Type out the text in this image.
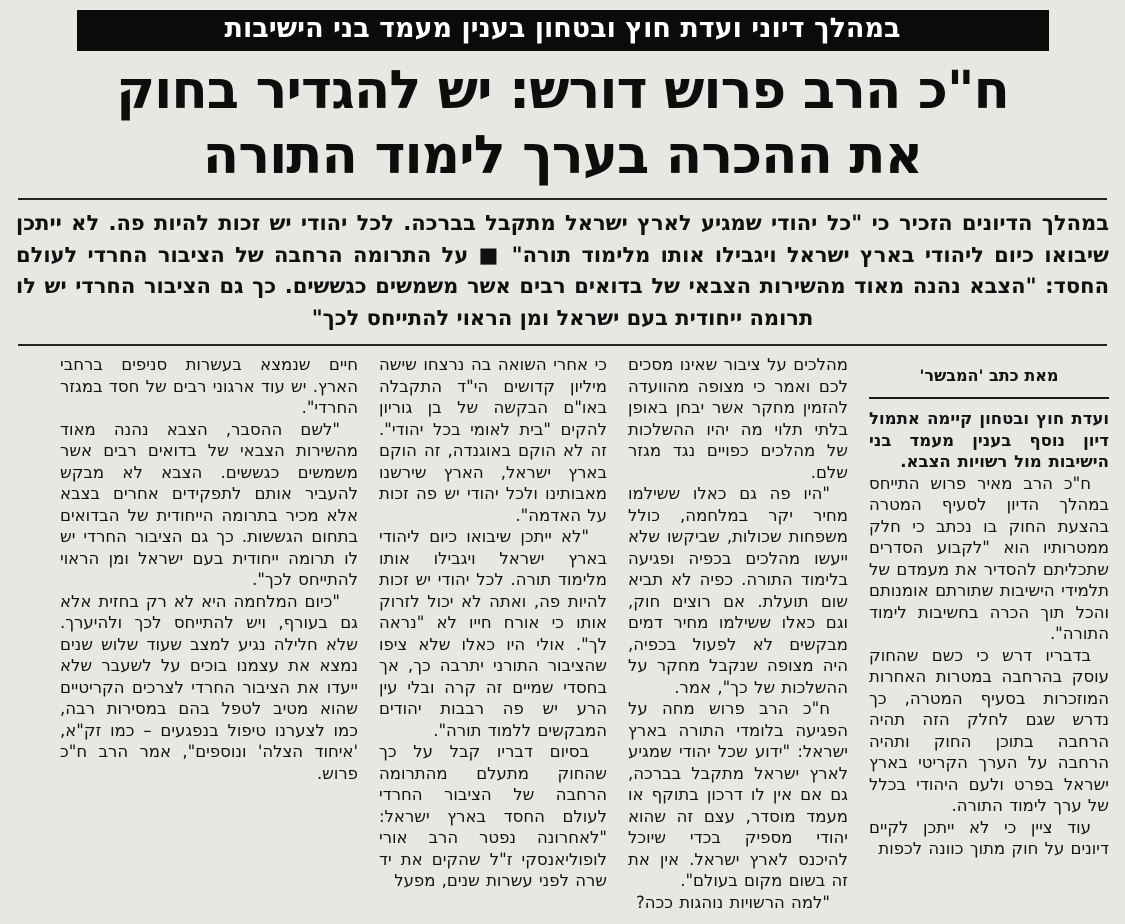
במהלך דיוני ועדת חוץ ובטחון בענין מעמד בני הישיבות
ח"כ הרב פרוש דורש: יש להגדיר בחוק
את ההכרה בערך לימוד התורה
במהלך הדיונים הזכיר כי "כל יהודי שמגיע לארץ ישראל מתקבל בברכה. לכל יהודי יש זכות להיות פה. לא ייתכן שיבואו כיום ליהודי בארץ ישראל ויגבילו אותו מלימוד תורה" ■ על התרומה הרחבה של הציבור החרדי לעולם החסד: "הצבא נהנה מאוד מהשירות הצבאי של בדואים רבים אשר משמשים כגששים. כך גם הציבור החרדי יש לו תרומה ייחודית בעם ישראל ומן הראוי להתייחס לכך"
מאת כתב 'המבשר'

ועדת חוץ ובטחון קיימה אתמול דיון נוסף בענין מעמד בני הישיבות מול רשויות הצבא.

ח"כ הרב מאיר פרוש התייחס במהלך הדיון לסעיף המטרה בהצעת החוק בו נכתב כי חלק ממטרותיו הוא "לקבוע הסדרים שתכליתם להסדיר את מעמדם של תלמידי הישיבות שתורתם אומנותם והכל תוך הכרה בחשיבות לימוד התורה".

בדבריו דרש כי כשם שהחוק עוסק בהרחבה במטרות האחרות המוזכרות בסעיף המטרה, כך נדרש שגם לחלק הזה תהיה הרחבה בתוכן החוק ותהיה הרחבה על הערך הקריטי בארץ ישראל בפרט ולעם היהודי בכלל של ערך לימוד התורה.

עוד ציין כי לא ייתכן לקיים דיונים על חוק מתוך כוונה לכפות

מהלכים על ציבור שאינו מסכים לכם ואמר כי מצופה מהוועדה להזמין מחקר אשר יבחן באופן בלתי תלוי מה יהיו ההשלכות של מהלכים כפויים נגד מגזר שלם.

"היו פה גם כאלו ששילמו מחיר יקר במלחמה, כולל משפחות שכולות, שביקשו שלא ייעשו מהלכים בכפיה ופגיעה בלימוד התורה. כפיה לא תביא שום תועלת. אם רוצים חוק, וגם כאלו ששילמו מחיר דמים מבקשים לא לפעול בכפיה, היה מצופה שנקבל מחקר על ההשלכות של כך", אמר.

ח"כ הרב פרוש מחה על הפגיעה בלומדי התורה בארץ ישראל: "ידוע שכל יהודי שמגיע לארץ ישראל מתקבל בברכה, גם אם אין לו דרכון בתוקף או מעמד מוסדר, עצם זה שהוא יהודי מספיק בכדי שיוכל להיכנס לארץ ישראל. אין את זה בשום מקום בעולם".

"למה הרשויות נוהגות ככה?

כי אחרי השואה בה נרצחו שישה מיליון קדושים הי"ד התקבלה באו"ם הבקשה של בן גוריון להקים "בית לאומי בכל יהודי". זה לא הוקם באוגנדה, זה הוקם בארץ ישראל, הארץ שירשנו מאבותינו ולכל יהודי יש פה זכות על האדמה".

"לא ייתכן שיבואו כיום ליהודי בארץ ישראל ויגבילו אותו מלימוד תורה. לכל יהודי יש זכות להיות פה, ואתה לא יכול לזרוק אותו כי אורח חייו לא "נראה לך". אולי היו כאלו שלא ציפו שהציבור התורני יתרבה כך, אך בחסדי שמיים זה קרה ובלי עין הרע יש פה רבבות יהודים המבקשים ללמוד תורה".

בסיום דבריו קבל על כך שהחוק מתעלם מהתרומה הרחבה של הציבור החרדי לעולם החסד בארץ ישראל: "לאחרונה נפטר הרב אורי לופוליאנסקי ז"ל שהקים את יד שרה לפני עשרות שנים, מפעל

חיים שנמצא בעשרות סניפים ברחבי הארץ. יש עוד ארגוני רבים של חסד במגזר החרדי".

"לשם ההסבר, הצבא נהנה מאוד מהשירות הצבאי של בדואים רבים אשר משמשים כגששים. הצבא לא מבקש להעביר אותם לתפקידים אחרים בצבא אלא מכיר בתרומה הייחודית של הבדואים בתחום הגששות. כך גם הציבור החרדי יש לו תרומה ייחודית בעם ישראל ומן הראוי להתייחס לכך".

"כיום המלחמה היא לא רק בחזית אלא גם בעורף, ויש להתייחס לכך ולהיערך. שלא חלילה נגיע למצב שעוד שלוש שנים נמצא את עצמנו בוכים על לשעבר שלא ייעדו את הציבור החרדי לצרכים הקריטיים שהוא מטיב לטפל בהם במסירות רבה, כמו לצערנו טיפול בנפגעים – כמו זק"א, 'איחוד הצלה' ונוספים", אמר הרב ח"כ פרוש.
